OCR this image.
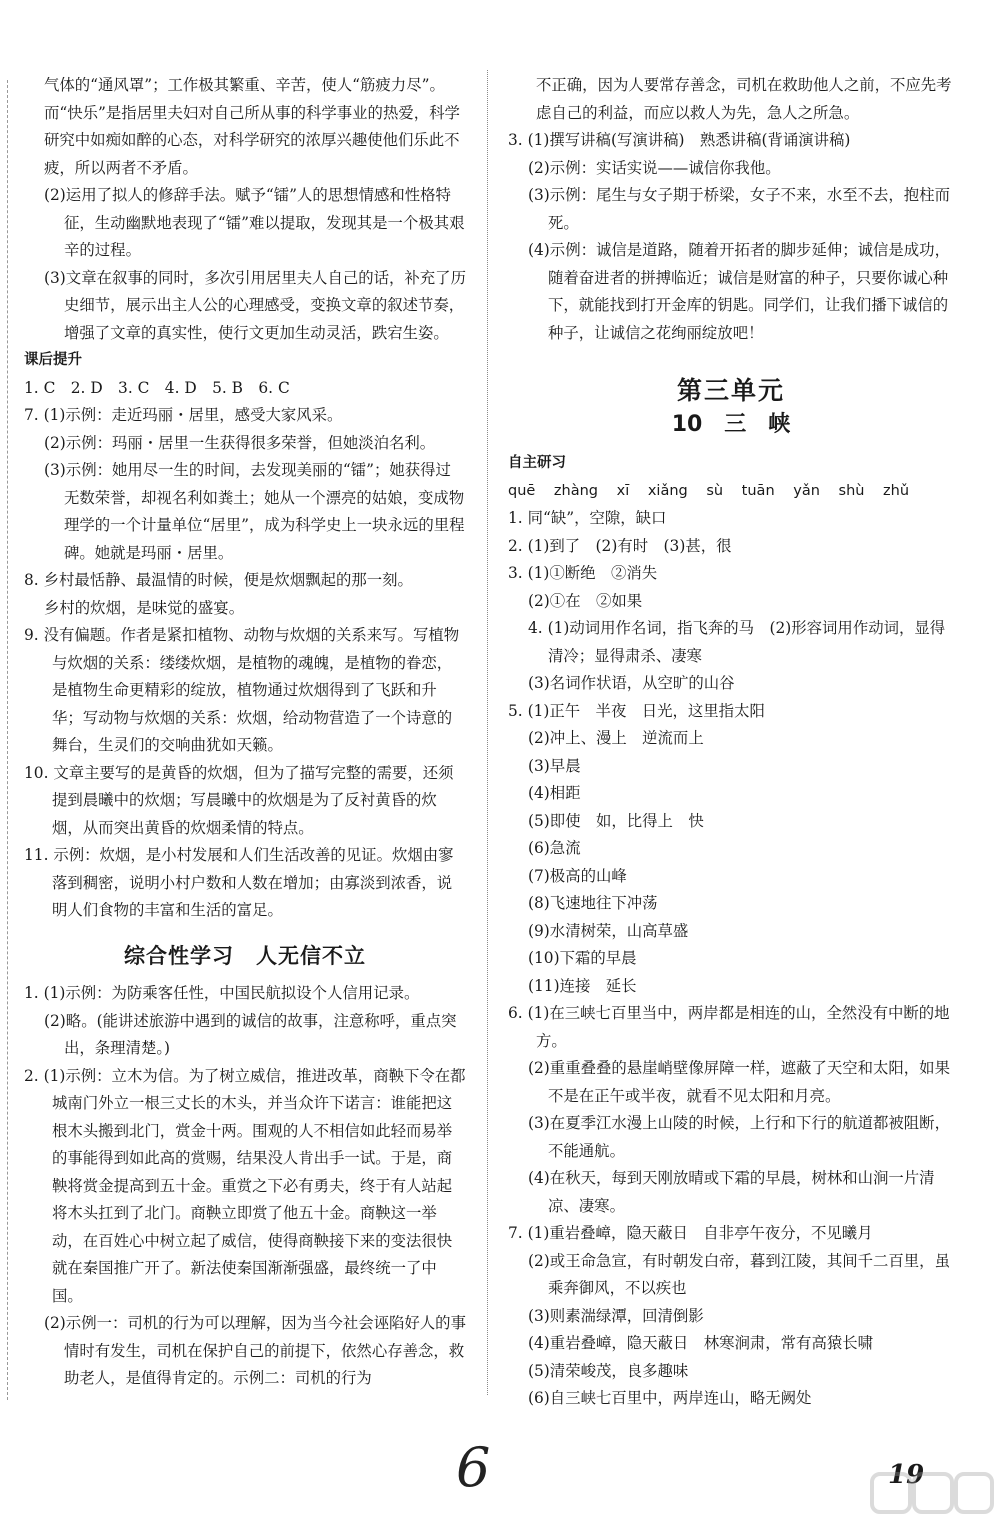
气体的“通风罩”；工作极其繁重、辛苦，使人“筋疲力尽”。而“快乐”是指居里夫妇对自己所从事的科学事业的热爱，科学研究中如痴如醉的心态，对科学研究的浓厚兴趣使他们乐此不疲，所以两者不矛盾。

(2)运用了拟人的修辞手法。赋予“镭”人的思想情感和性格特征，生动幽默地表现了“镭”难以提取，发现其是一个极其艰辛的过程。

(3)文章在叙事的同时，多次引用居里夫人自己的话，补充了历史细节，展示出主人公的心理感受，变换文章的叙述节奏，增强了文章的真实性，使行文更加生动灵活，跌宕生姿。

课后提升

1. C　2. D　3. C　4. D　5. B　6. C

7. (1)示例：走近玛丽・居里，感受大家风采。

(2)示例：玛丽・居里一生获得很多荣誉，但她淡泊名利。

(3)示例：她用尽一生的时间，去发现美丽的“镭”；她获得过无数荣誉，却视名利如粪土；她从一个漂亮的姑娘，变成物理学的一个计量单位“居里”，成为科学史上一块永远的里程碑。她就是玛丽・居里。

8. 乡村最恬静、最温情的时候，便是炊烟飘起的那一刻。

乡村的炊烟，是味觉的盛宴。

9. 没有偏题。作者是紧扣植物、动物与炊烟的关系来写。写植物与炊烟的关系：缕缕炊烟，是植物的魂魄，是植物的眷恋，是植物生命更精彩的绽放，植物通过炊烟得到了飞跃和升华；写动物与炊烟的关系：炊烟，给动物营造了一个诗意的舞台，生灵们的交响曲犹如天籁。

10. 文章主要写的是黄昏的炊烟，但为了描写完整的需要，还须提到晨曦中的炊烟；写晨曦中的炊烟是为了反衬黄昏的炊烟，从而突出黄昏的炊烟柔情的特点。

11. 示例：炊烟，是小村发展和人们生活改善的见证。炊烟由寥落到稠密，说明小村户数和人数在增加；由寡淡到浓香，说明人们食物的丰富和生活的富足。

综合性学习　人无信不立

1. (1)示例：为防乘客任性，中国民航拟设个人信用记录。

(2)略。(能讲述旅游中遇到的诚信的故事，注意称呼，重点突出，条理清楚。)

2. (1)示例：立木为信。为了树立威信，推进改革，商鞅下令在都城南门外立一根三丈长的木头，并当众许下诺言：谁能把这根木头搬到北门，赏金十两。围观的人不相信如此轻而易举的事能得到如此高的赏赐，结果没人肯出手一试。于是，商鞅将赏金提高到五十金。重赏之下必有勇夫，终于有人站起将木头扛到了北门。商鞅立即赏了他五十金。商鞅这一举动，在百姓心中树立起了威信，使得商鞅接下来的变法很快就在秦国推广开了。新法使秦国渐渐强盛，最终统一了中国。

(2)示例一：司机的行为可以理解，因为当今社会诬陷好人的事情时有发生，司机在保护自己的前提下，依然心存善念，救助老人，是值得肯定的。示例二：司机的行为

不正确，因为人要常存善念，司机在救助他人之前，不应先考虑自己的利益，而应以救人为先，急人之所急。

3. (1)撰写讲稿(写演讲稿)　熟悉讲稿(背诵演讲稿)

(2)示例：实话实说——诚信你我他。

(3)示例：尾生与女子期于桥梁，女子不来，水至不去，抱柱而死。

(4)示例：诚信是道路，随着开拓者的脚步延伸；诚信是成功，随着奋进者的拼搏临近；诚信是财富的种子，只要你诚心种下，就能找到打开金库的钥匙。同学们，让我们播下诚信的种子，让诚信之花绚丽绽放吧！

第三单元

10　三　峡

自主研习

quē zhàng xī xiǎng sù tuān yǎn shù zhǔ

1. 同“缺”，空隙，缺口

2. (1)到了　(2)有时　(3)甚，很

3. (1)①断绝　②消失

(2)①在　②如果

4. (1)动词用作名词，指飞奔的马　(2)形容词用作动词，显得清冷；显得肃杀、凄寒

(3)名词作状语，从空旷的山谷

5. (1)正午　半夜　日光，这里指太阳

(2)冲上、漫上　逆流而上

(3)早晨

(4)相距

(5)即使　如，比得上　快

(6)急流

(7)极高的山峰

(8)飞速地往下冲荡

(9)水清树荣，山高草盛

(10)下霜的早晨

(11)连接　延长

6. (1)在三峡七百里当中，两岸都是相连的山，全然没有中断的地方。

(2)重重叠叠的悬崖峭壁像屏障一样，遮蔽了天空和太阳，如果不是在正午或半夜，就看不见太阳和月亮。

(3)在夏季江水漫上山陵的时候，上行和下行的航道都被阻断，不能通航。

(4)在秋天，每到天刚放晴或下霜的早晨，树林和山涧一片清凉、凄寒。

7. (1)重岩叠嶂，隐天蔽日　自非亭午夜分，不见曦月

(2)或王命急宣，有时朝发白帝，暮到江陵，其间千二百里，虽乘奔御风，不以疾也

(3)则素湍绿潭，回清倒影

(4)重岩叠嶂，隐天蔽日　林寒涧肃，常有高猿长啸

(5)清荣峻茂，良多趣味

(6)自三峡七百里中，两岸连山，略无阙处

6	19
